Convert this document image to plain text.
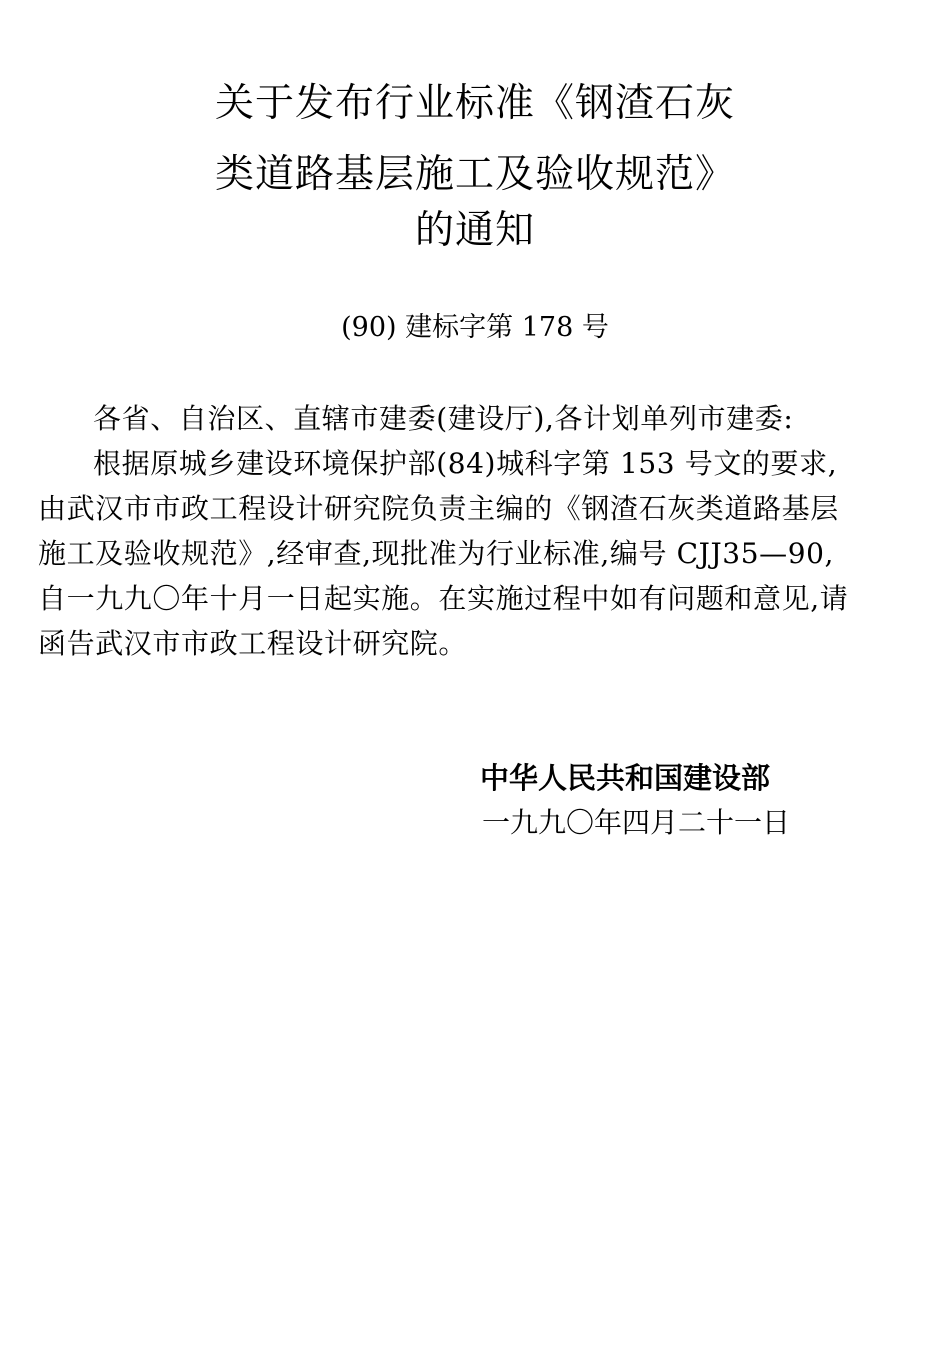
关于发布行业标准《钢渣石灰
类道路基层施工及验收规范》
的通知
(90) 建标字第 178 号
各省、自治区、直辖市建委(建设厅),各计划单列市建委:
根据原城乡建设环境保护部(84)城科字第 153 号文的要求,
由武汉市市政工程设计研究院负责主编的《钢渣石灰类道路基层
施工及验收规范》,经审查,现批准为行业标准,编号 CJJ35—90,
自一九九〇年十月一日起实施。在实施过程中如有问题和意见,请
函告武汉市市政工程设计研究院。
中华人民共和国建设部
一九九〇年四月二十一日
